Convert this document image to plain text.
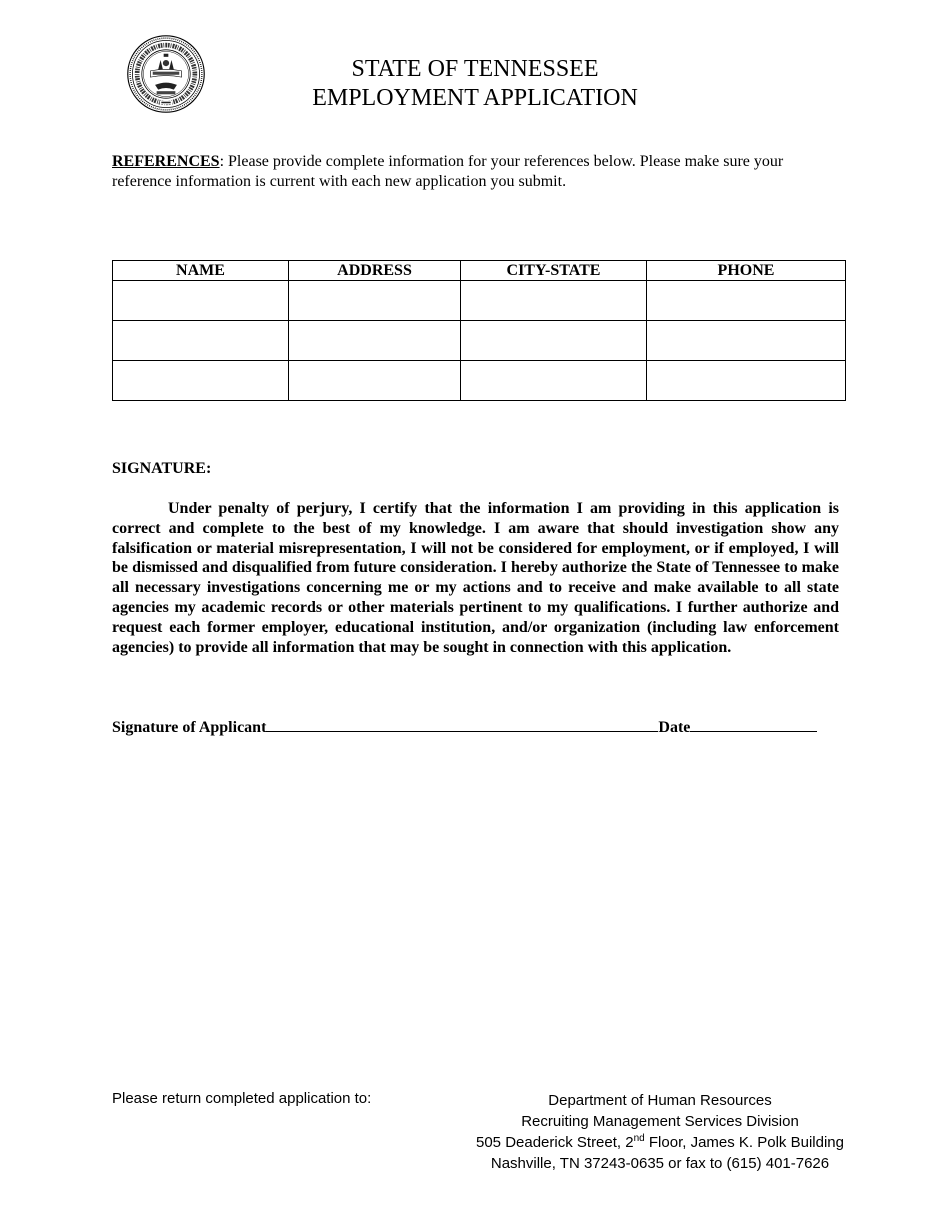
STATE OF TENNESSEE
EMPLOYMENT APPLICATION
REFERENCES: Please provide complete information for your references below. Please make sure your reference information is current with each new application you submit.
NAME	ADDRESS	CITY-STATE	PHONE

SIGNATURE:
Under penalty of perjury, I certify that the information I am providing in this application is correct and complete to the best of my knowledge. I am aware that should investigation show any falsification or material misrepresentation, I will not be considered for employment, or if employed, I will be dismissed and disqualified from future consideration. I hereby authorize the State of Tennessee to make all necessary investigations concerning me or my actions and to receive and make available to all state agencies my academic records or other materials pertinent to my qualifications. I further authorize and request each former employer, educational institution, and/or organization (including law enforcement agencies) to provide all information that may be sought in connection with this application.
Signature of Applicant	Date
Please return completed application to:	Department of Human Resources
Recruiting Management Services Division
505 Deaderick Street, 2nd Floor, James K. Polk Building
Nashville, TN 37243-0635 or fax to (615) 401-7626
